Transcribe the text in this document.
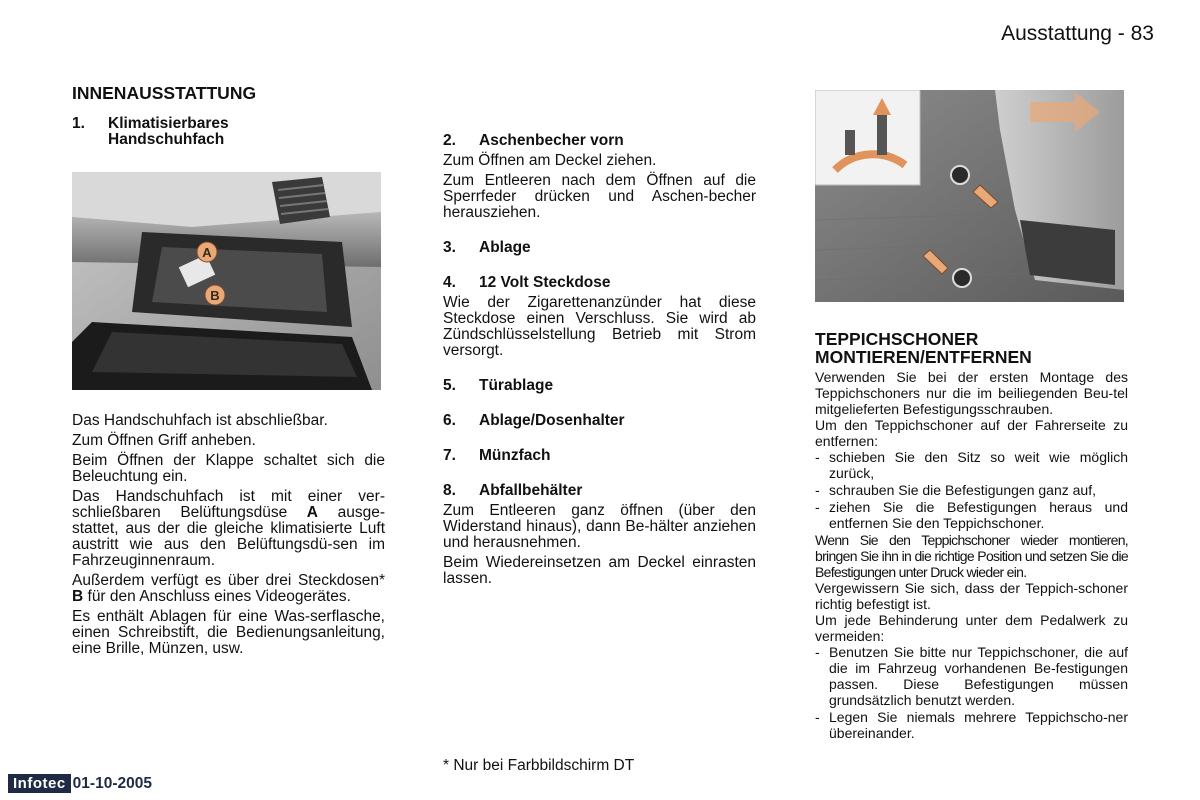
Ausstattung - 83
INNENAUSSTATTUNG
1.	Klimatisierbares
Handschuhfach
A
B

Das Handschuhfach ist abschließbar.

Zum Öffnen Griff anheben.

Beim Öffnen der Klappe schaltet sich die Beleuchtung ein.

Das Handschuhfach ist mit einer ver-schließbaren Belüftungsdüse A ausge-stattet, aus der die gleiche klimatisierte Luft austritt wie aus den Belüftungsdü-sen im Fahrzeuginnenraum.

Außerdem verfügt es über drei Steckdosen* B für den Anschluss eines Videogerätes.

Es enthält Ablagen für eine Was-serflasche, einen Schreibstift, die Bedienungsanleitung, eine Brille, Münzen, usw.

2. Aschenbecher vorn

Zum Öffnen am Deckel ziehen.

Zum Entleeren nach dem Öffnen auf die Sperrfeder drücken und Aschen-becher herausziehen.

3. Ablage
4. 12 Volt Steckdose

Wie der Zigarettenanzünder hat diese Steckdose einen Verschluss. Sie wird ab Zündschlüsselstellung Betrieb mit Strom versorgt.

5. Türablage
6. Ablage/Dosenhalter
7. Münzfach
8. Abfallbehälter

Zum Entleeren ganz öffnen (über den Widerstand hinaus), dann Be-hälter anziehen und herausnehmen.

Beim Wiedereinsetzen am Deckel einrasten lassen.

* Nur bei Farbbildschirm DT
TEPPICHSCHONER
MONTIEREN/ENTFERNEN

Verwenden Sie bei der ersten Montage des Teppichschoners nur die im beiliegenden Beu-tel mitgelieferten Befestigungsschrauben.

Um den Teppichschoner auf der Fahrerseite zu entfernen:

- schieben Sie den Sitz so weit wie möglich zurück,
- schrauben Sie die Befestigungen ganz auf,
- ziehen Sie die Befestigungen heraus und entfernen Sie den Teppichschoner.

Wenn Sie den Teppichschoner wieder montieren, bringen Sie ihn in die richtige Position und setzen Sie die Befestigungen unter Druck wieder ein.

Vergewissern Sie sich, dass der Teppich-schoner richtig befestigt ist.

Um jede Behinderung unter dem Pedalwerk zu vermeiden:

- Benutzen Sie bitte nur Teppichschoner, die auf die im Fahrzeug vorhandenen Be-festigungen passen. Diese Befestigungen müssen grundsätzlich benutzt werden.
- Legen Sie niemals mehrere Teppichscho-ner übereinander.
Infotec 01-10-2005
